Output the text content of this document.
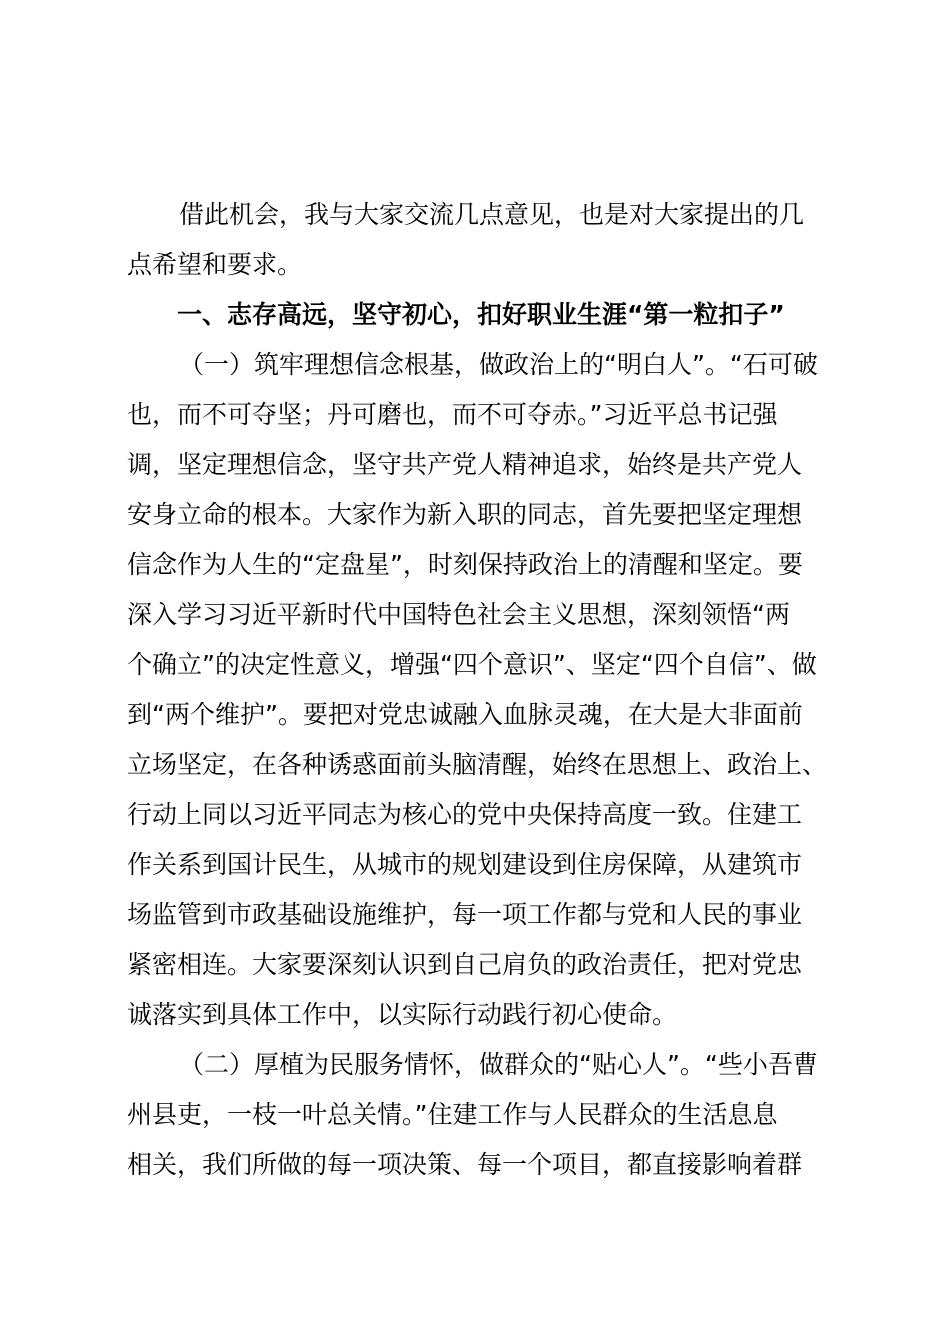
借此机会，我与大家交流几点意见，也是对大家提出的几
点希望和要求。
一、志存高远，坚守初心，扣好职业生涯“第一粒扣子”
（一）筑牢理想信念根基，做政治上的“明白人”。“石可破
也，而不可夺坚；丹可磨也，而不可夺赤。”习近平总书记强
调，坚定理想信念，坚守共产党人精神追求，始终是共产党人
安身立命的根本。大家作为新入职的同志，首先要把坚定理想
信念作为人生的“定盘星”，时刻保持政治上的清醒和坚定。要
深入学习习近平新时代中国特色社会主义思想，深刻领悟“两
个确立”的决定性意义，增强“四个意识”、坚定“四个自信”、做
到“两个维护”。要把对党忠诚融入血脉灵魂，在大是大非面前
立场坚定，在各种诱惑面前头脑清醒，始终在思想上、政治上、
行动上同以习近平同志为核心的党中央保持高度一致。住建工
作关系到国计民生，从城市的规划建设到住房保障，从建筑市
场监管到市政基础设施维护，每一项工作都与党和人民的事业
紧密相连。大家要深刻认识到自己肩负的政治责任，把对党忠
诚落实到具体工作中，以实际行动践行初心使命。
（二）厚植为民服务情怀，做群众的“贴心人”。“些小吾曹
州县吏，一枝一叶总关情。”住建工作与人民群众的生活息息
相关，我们所做的每一项决策、每一个项目，都直接影响着群
